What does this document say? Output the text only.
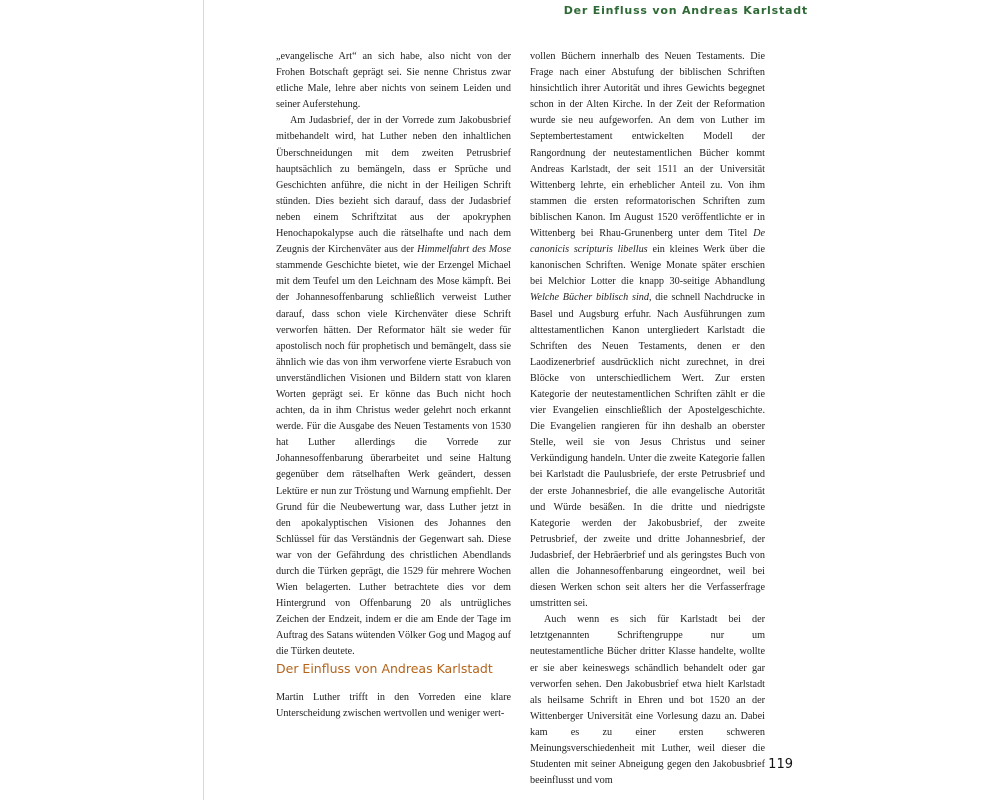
Der Einfluss von Andreas Karlstadt

„evangelische Art“ an sich habe, also nicht von der Frohen Botschaft geprägt sei. Sie nenne Christus zwar etliche Male, lehre aber nichts von seinem Leiden und seiner Auferstehung.

Am Judasbrief, der in der Vorrede zum Jakobusbrief mitbehandelt wird, hat Luther neben den inhaltlichen Überschneidungen mit dem zweiten Petrusbrief hauptsächlich zu bemängeln, dass er Sprüche und Geschichten anführe, die nicht in der Heiligen Schrift stünden. Dies bezieht sich darauf, dass der Judasbrief neben einem Schriftzitat aus der apokryphen Henochapokalypse auch die rätselhafte und nach dem Zeugnis der Kirchenväter aus der Himmelfahrt des Mose stammende Geschichte bietet, wie der Erzengel Michael mit dem Teufel um den Leichnam des Mose kämpft. Bei der Johannesoffenbarung schließlich verweist Luther darauf, dass schon viele Kirchenväter diese Schrift verworfen hätten. Der Reformator hält sie weder für apostolisch noch für prophetisch und bemängelt, dass sie ähnlich wie das von ihm verworfene vierte Esrabuch von unverständlichen Visionen und Bildern statt von klaren Worten geprägt sei. Er könne das Buch nicht hoch achten, da in ihm Christus weder gelehrt noch erkannt werde. Für die Ausgabe des Neuen Testaments von 1530 hat Luther allerdings die Vorrede zur Johannesoffenbarung überarbeitet und seine Haltung gegenüber dem rätselhaften Werk geändert, dessen Lektüre er nun zur Tröstung und Warnung empfiehlt. Der Grund für die Neubewertung war, dass Luther jetzt in den apokalyptischen Visionen des Johannes den Schlüssel für das Verständnis der Gegenwart sah. Diese war von der Gefährdung des christlichen Abendlands durch die Türken geprägt, die 1529 für mehrere Wochen Wien belagerten. Luther betrachtete dies vor dem Hintergrund von Offenbarung 20 als untrügliches Zeichen der Endzeit, indem er die am Ende der Tage im Auftrag des Satans wütenden Völker Gog und Magog auf die Türken deutete.

Der Einfluss von Andreas Karlstadt

Martin Luther trifft in den Vorreden eine klare Unterscheidung zwischen wertvollen und weniger wert-

vollen Büchern innerhalb des Neuen Testaments. Die Frage nach einer Abstufung der biblischen Schriften hinsichtlich ihrer Autorität und ihres Gewichts begegnet schon in der Alten Kirche. In der Zeit der Reformation wurde sie neu aufgeworfen. An dem von Luther im Septembertestament entwickelten Modell der Rangordnung der neutestamentlichen Bücher kommt Andreas Karlstadt, der seit 1511 an der Universität Wittenberg lehrte, ein erheblicher Anteil zu. Von ihm stammen die ersten reformatorischen Schriften zum biblischen Kanon. Im August 1520 veröffentlichte er in Wittenberg bei Rhau-Grunenberg unter dem Titel De canonicis scripturis libellus ein kleines Werk über die kanonischen Schriften. Wenige Monate später erschien bei Melchior Lotter die knapp 30-seitige Abhandlung Welche Bücher biblisch sind, die schnell Nachdrucke in Basel und Augsburg erfuhr. Nach Ausführungen zum alttestamentlichen Kanon untergliedert Karlstadt die Schriften des Neuen Testaments, denen er den Laodizenerbrief ausdrücklich nicht zurechnet, in drei Blöcke von unterschiedlichem Wert. Zur ersten Kategorie der neutestamentlichen Schriften zählt er die vier Evangelien einschließlich der Apostelgeschichte. Die Evangelien rangieren für ihn deshalb an oberster Stelle, weil sie von Jesus Christus und seiner Verkündigung handeln. Unter die zweite Kategorie fallen bei Karlstadt die Paulusbriefe, der erste Petrusbrief und der erste Johannesbrief, die alle evangelische Autorität und Würde besäßen. In die dritte und niedrigste Kategorie werden der Jakobusbrief, der zweite Petrusbrief, der zweite und dritte Johannesbrief, der Judasbrief, der Hebräerbrief und als geringstes Buch von allen die Johannesoffenbarung eingeordnet, weil bei diesen Werken schon seit alters her die Verfasserfrage umstritten sei.

Auch wenn es sich für Karlstadt bei der letztgenannten Schriftengruppe nur um neutestamentliche Bücher dritter Klasse handelte, wollte er sie aber keineswegs schändlich behandelt oder gar verworfen sehen. Den Jakobusbrief etwa hielt Karlstadt als heilsame Schrift in Ehren und bot 1520 an der Wittenberger Universität eine Vorlesung dazu an. Dabei kam es zu einer ersten schweren Meinungsverschiedenheit mit Luther, weil dieser die Studenten mit seiner Abneigung gegen den Jakobusbrief beeinflusst und vom

119
